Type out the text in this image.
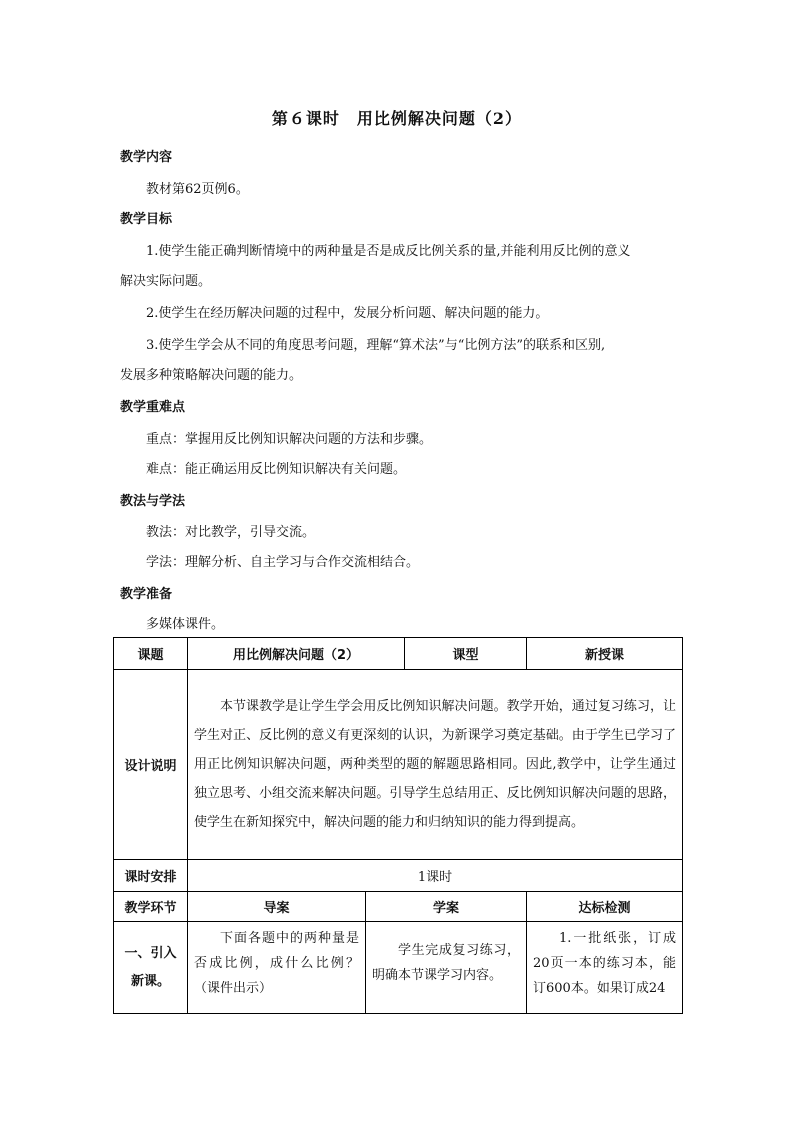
第６课时　用比例解决问题（2）
教学内容
教材第62页例6。
教学目标
1.使学生能正确判断情境中的两种量是否是成反比例关系的量,并能利用反比例的意义
解决实际问题。
2.使学生在经历解决问题的过程中，发展分析问题、解决问题的能力。
3.使学生学会从不同的角度思考问题，理解“算术法”与“比例方法”的联系和区别,
发展多种策略解决问题的能力。
教学重难点
重点：掌握用反比例知识解决问题的方法和步骤。
难点：能正确运用反比例知识解决有关问题。
教法与学法
教法：对比教学，引导交流。
学法：理解分析、自主学习与合作交流相结合。
教学准备
多媒体课件。
课题	用比例解决问题（2）		课型	新授课
设计说明	本节课教学是让学生学会用反比例知识解决问题。教学开始，通过复习练习，让学生对正、反比例的意义有更深刻的认识，为新课学习奠定基础。由于学生已学习了用正比例知识解决问题，两种类型的题的解题思路相同。因此,教学中，让学生通过独立思考、小组交流来解决问题。引导学生总结用正、反比例知识解决问题的思路，使学生在新知探究中，解决问题的能力和归纳知识的能力得到提高。			

课时安排	1课时			
教学环节	导案	学案		达标检测

一、引入新课。	下面各题中的两种量是否成比例，成什么比例？（课件出示）	学生完成复习练习，明确本节课学习内容。		1.一批纸张，订成20页一本的练习本，能订600本。如果订成24
